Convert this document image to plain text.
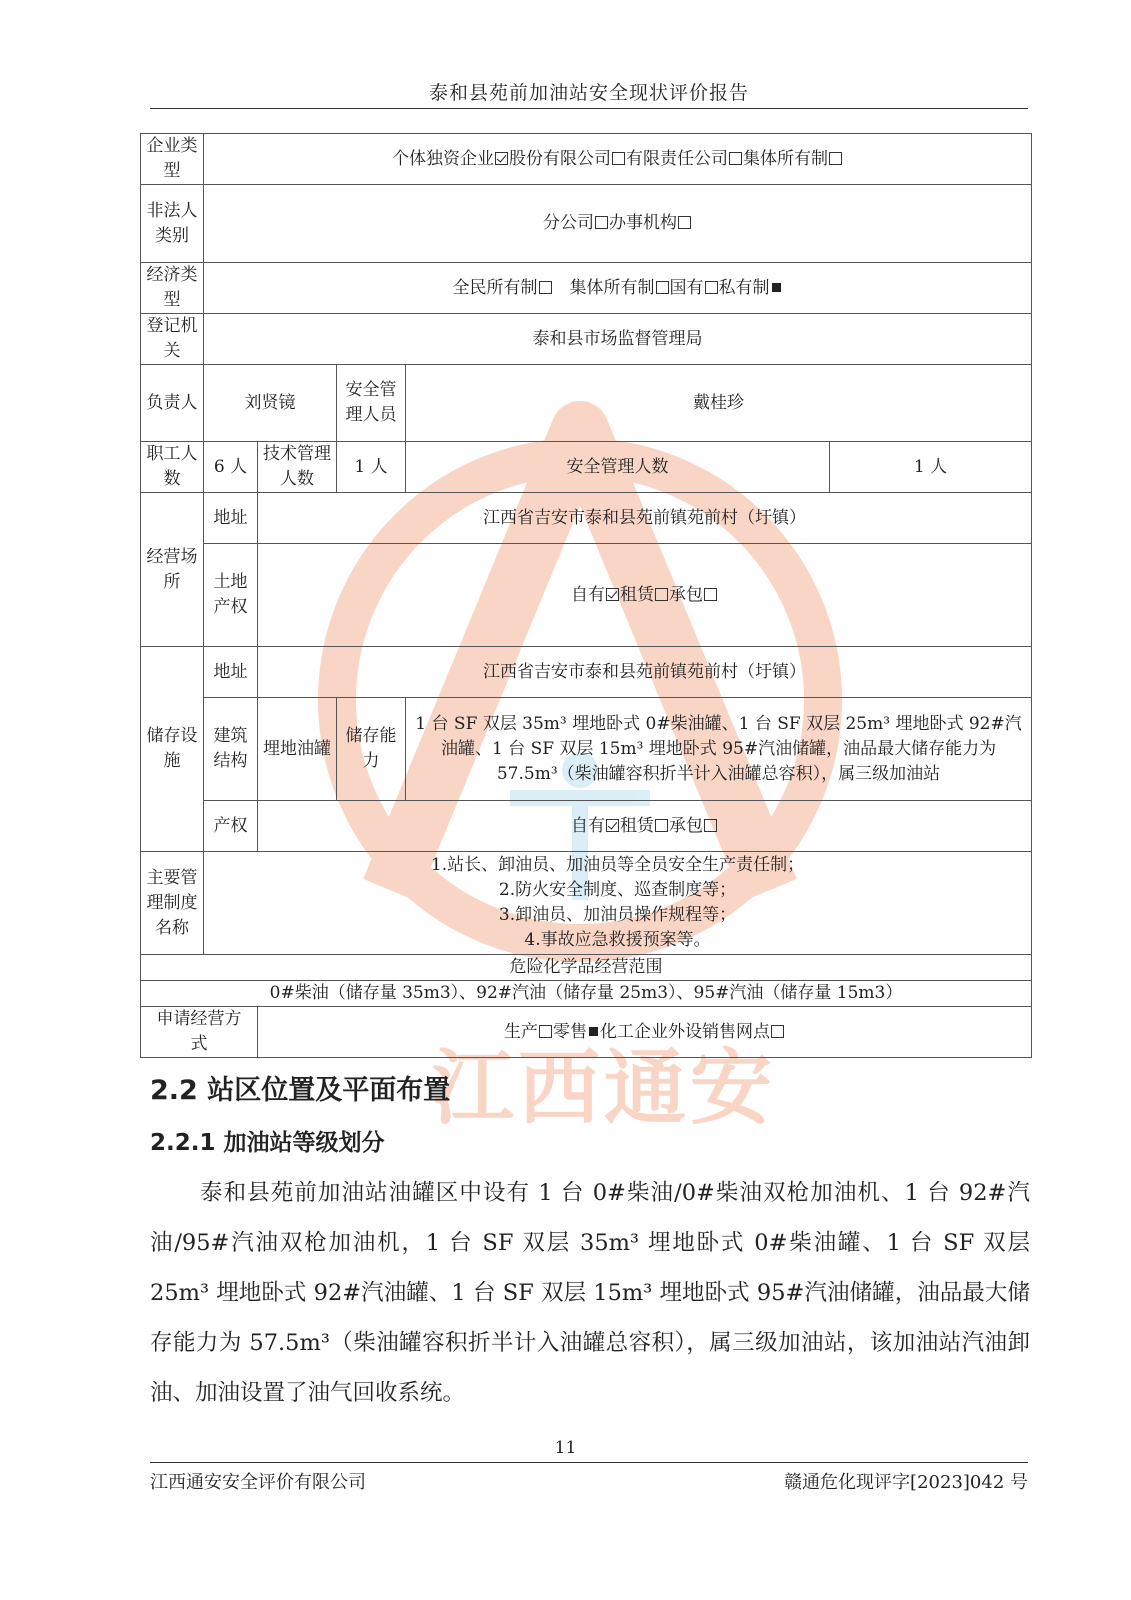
泰和县苑前加油站安全现状评价报告
江西通安
企业类型	个体独资企业 股份有限公司 有限责任公司 集体所有制				
非法人类别	分公司 办事机构				
经济类型	全民所有制　集体所有制 国有 私有制				
登记机关	泰和县市场监督管理局				
负责人	刘贤镜		安全管理人员	戴桂珍	
职工人数	6 人	技术管理人数	1 人	安全管理人数	1 人
经营场所	地址	江西省吉安市泰和县苑前镇苑前村（圩镇）			
	土地产权	自有 租赁 承包			
储存设施	地址	江西省吉安市泰和县苑前镇苑前村（圩镇）			
	建筑结构	埋地油罐	储存能力	1 台 SF 双层 35m³ 埋地卧式 0#柴油罐、1 台 SF 双层 25m³ 埋地卧式 92#汽油罐、1 台 SF 双层 15m³ 埋地卧式 95#汽油储罐，油品最大储存能力为 57.5m³（柴油罐容积折半计入油罐总容积），属三级加油站	
	产权	自有 租赁 承包			
主要管理制度名称	1.站长、卸油员、加油员等全员安全生产责任制；
2.防火安全制度、巡查制度等；
3.卸油员、加油员操作规程等；
4.事故应急救援预案等。				

危险化学品经营范围					
0#柴油（储存量 35m3）、92#汽油（储存量 25m3）、95#汽油（储存量 15m3）					
申请经营方式		生产 零售 化工企业外设销售网点			
2.2 站区位置及平面布置
2.2.1 加油站等级划分

泰和县苑前加油站油罐区中设有 1 台 0#柴油/0#柴油双枪加油机、1 台 92#汽油/95#汽油双枪加油机，1 台 SF 双层 35m³ 埋地卧式 0#柴油罐、1 台 SF 双层 25m³ 埋地卧式 92#汽油罐、1 台 SF 双层 15m³ 埋地卧式 95#汽油储罐，油品最大储存能力为 57.5m³（柴油罐容积折半计入油罐总容积），属三级加油站，该加油站汽油卸油、加油设置了油气回收系统。

11
江西通安安全评价有限公司	赣通危化现评字[2023]042 号
